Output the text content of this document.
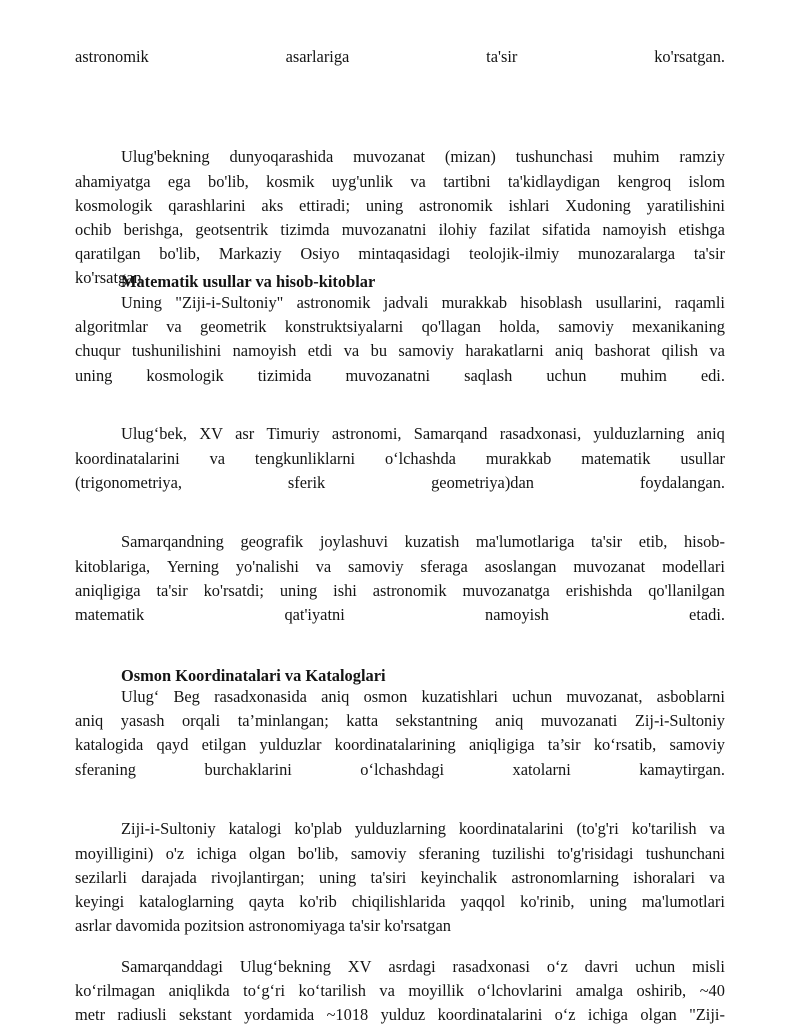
astronomik	asarlariga	ta'sir	ko'rsatgan.
Ulug'bekning dunyoqarashida muvozanat (mizan) tushunchasi muhim ramziy
ahamiyatga ega bo'lib, kosmik uyg'unlik va tartibni ta'kidlaydigan kengroq islom
kosmologik qarashlarini aks ettiradi; uning astronomik ishlari Xudoning yaratilishini
ochib berishga, geotsentrik tizimda muvozanatni ilohiy fazilat sifatida namoyish etishga
qaratilgan bo'lib, Markaziy Osiyo mintaqasidagi teolojik-ilmiy munozaralarga ta'sir
ko'rsatgan
Matematik usullar va hisob-kitoblar
Uning "Ziji-i-Sultoniy" astronomik jadvali murakkab hisoblash usullarini, raqamli
algoritmlar va geometrik konstruktsiyalarni qo'llagan holda, samoviy mexanikaning
chuqur tushunilishini namoyish etdi va bu samoviy harakatlarni aniq bashorat qilish va
uning kosmologik tizimida muvozanatni saqlash uchun muhim edi.
Ulug‘bek, XV asr Timuriy astronomi, Samarqand rasadxonasi, yulduzlarning aniq
koordinatalarini va tengkunliklarni o‘lchashda murakkab matematik usullar
(trigonometriya,	sferik	geometriya)dan	foydalangan.
Samarqandning geografik joylashuvi kuzatish ma'lumotlariga ta'sir etib, hisob-
kitoblariga, Yerning yo'nalishi va samoviy sferaga asoslangan muvozanat modellari
aniqligiga ta'sir ko'rsatdi; uning ishi astronomik muvozanatga erishishda qo'llanilgan
matematik	qat'iyatni	namoyish	etadi.
Osmon Koordinatalari va Kataloglari
Ulug‘ Beg rasadxonasida aniq osmon kuzatishlari uchun muvozanat, asboblarni
aniq yasash orqali ta’minlangan; katta sekstantning aniq muvozanati Zij-i-Sultoniy
katalogida qayd etilgan yulduzlar koordinatalarining aniqligiga ta’sir ko‘rsatib, samoviy
sferaning	burchaklarini	o‘lchashdagi	xatolarni	kamaytirgan.
Ziji-i-Sultoniy katalogi ko'plab yulduzlarning koordinatalarini (to'g'ri ko'tarilish va
moyilligini) o'z ichiga olgan bo'lib, samoviy sferaning tuzilishi to'g'risidagi tushunchani
sezilarli darajada rivojlantirgan; uning ta'siri keyinchalik astronomlarning ishoralari va
keyingi kataloglarning qayta ko'rib chiqilishlarida yaqqol ko'rinib, uning ma'lumotlari
asrlar davomida pozitsion astronomiyaga ta'sir ko'rsatgan
Samarqanddagi Ulug‘bekning XV asrdagi rasadxonasi o‘z davri uchun misli
ko‘rilmagan aniqlikda to‘g‘ri ko‘tarilish va moyillik o‘lchovlarini amalga oshirib, ~40
metr radiusli sekstant yordamida ~1018 yulduz koordinatalarini o‘z ichiga olgan "Ziji-
